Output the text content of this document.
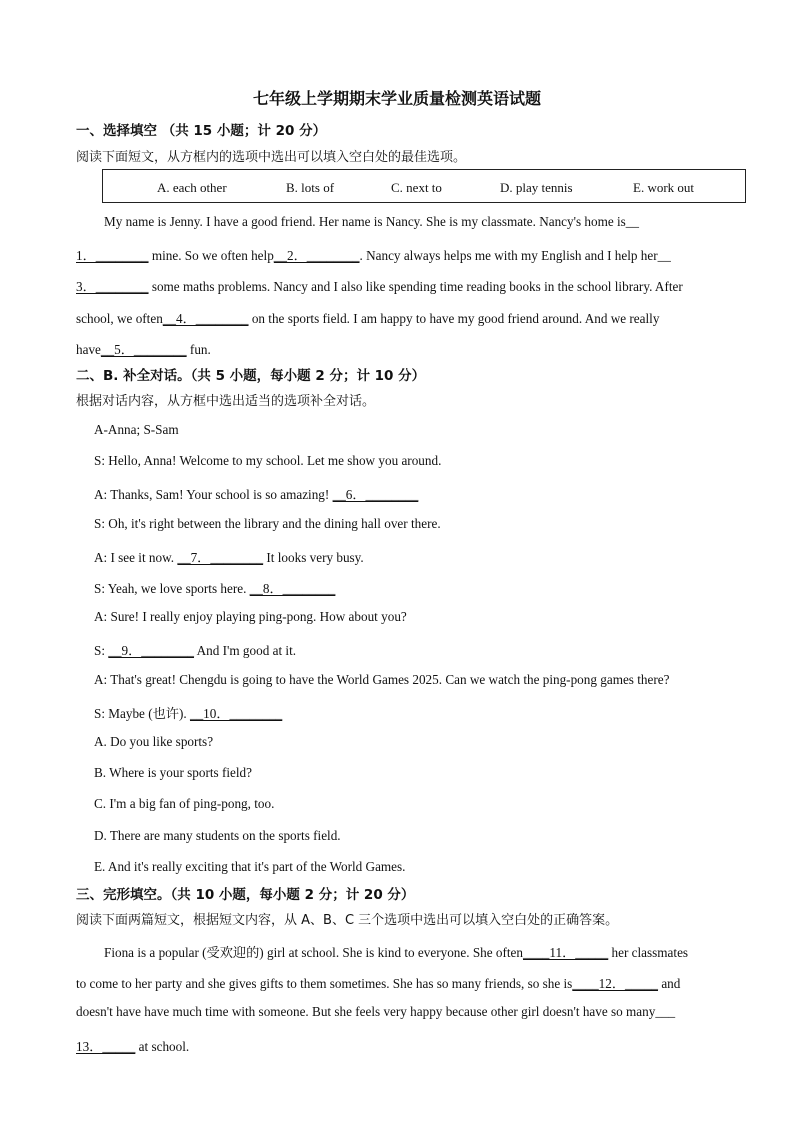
七年级上学期期末学业质量检测英语试题
一、选择填空 （共 15 小题；计 20 分）
阅读下面短文，从方框内的选项中选出可以填入空白处的最佳选项。
A. each other	B. lots of	C. next to	D. play tennis	E. work out
My name is Jenny. I have a good friend. Her name is Nancy. She is my classmate. Nancy's home is__
1．________ mine. So we often help__2．________. Nancy always helps me with my English and I help her__
3．________ some maths problems. Nancy and I also like spending time reading books in the school library. After
school, we often__4．________ on the sports field. I am happy to have my good friend around. And we really
have__5．________ fun.
二、B. 补全对话。（共 5 小题，每小题 2 分；计 10 分）
根据对话内容，从方框中选出适当的选项补全对话。
A-Anna; S-Sam
S: Hello, Anna! Welcome to my school. Let me show you around.
A: Thanks, Sam! Your school is so amazing! __6．________
S: Oh, it's right between the library and the dining hall over there.
A: I see it now. __7．________ It looks very busy.
S: Yeah, we love sports here. __8．________
A: Sure! I really enjoy playing ping-pong. How about you?
S: __9．________ And I'm good at it.
A: That's great! Chengdu is going to have the World Games 2025. Can we watch the ping-pong games there?
S: Maybe (也许). __10．________
A. Do you like sports?
B. Where is your sports field?
C. I'm a big fan of ping-pong, too.
D. There are many students on the sports field.
E. And it's really exciting that it's part of the World Games.
三、完形填空。（共 10 小题，每小题 2 分；计 20 分）
阅读下面两篇短文，根据短文内容，从 A、B、C 三个选项中选出可以填入空白处的正确答案。
Fiona is a popular (受欢迎的) girl at school. She is kind to everyone. She often____11．_____ her classmates
to come to her party and she gives gifts to them sometimes. She has so many friends, so she is____12．_____ and
doesn't have have much time with someone. But she feels very happy because other girl doesn't have so many___
13．_____ at school.
